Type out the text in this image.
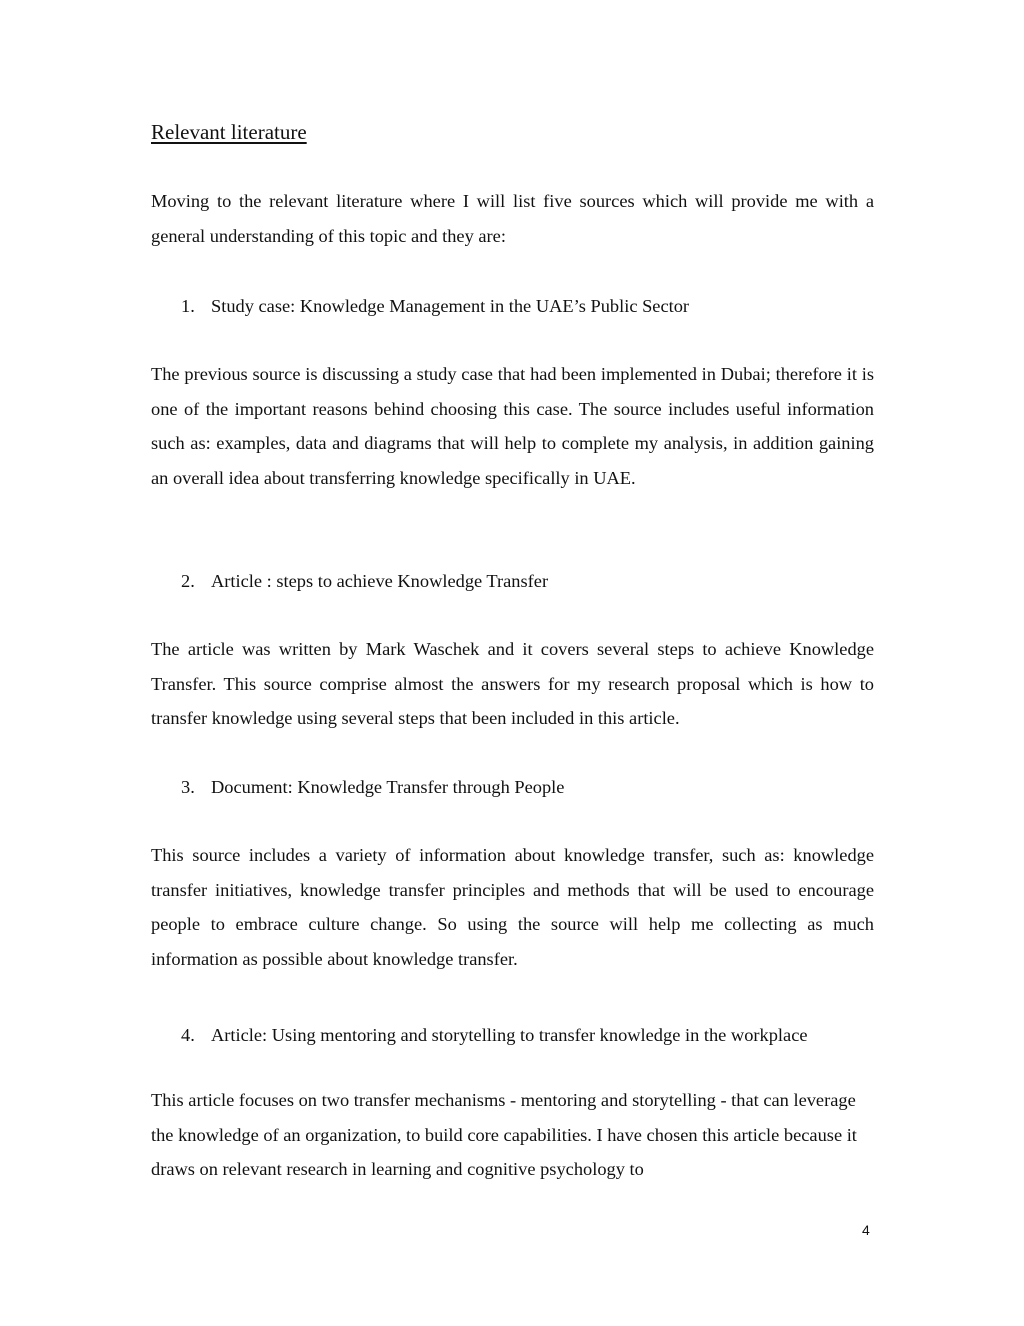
Relevant literature

Moving to the relevant literature where I will list five sources which will provide me with a general understanding of this topic and they are:

1. Study case: Knowledge Management in the UAE’s Public Sector

The previous source is discussing a study case that had been implemented in Dubai; therefore it is one of the important reasons behind choosing this case. The source includes useful information such as: examples, data and diagrams that will help to complete my analysis, in addition gaining an overall idea about transferring knowledge specifically in UAE.

2. Article : steps to achieve Knowledge Transfer

The article was written by Mark Waschek and it covers several steps to achieve Knowledge Transfer. This source comprise almost the answers for my research proposal which is how to transfer knowledge using several steps that been included in this article.

3. Document: Knowledge Transfer through People

This source includes a variety of information about knowledge transfer, such as: knowledge transfer initiatives, knowledge transfer principles and methods that will be used to encourage people to embrace culture change. So using the source will help me collecting as much information as possible about knowledge transfer.

4. Article: Using mentoring and storytelling to transfer knowledge in the workplace

This article focuses on two transfer mechanisms - mentoring and storytelling - that can leverage the knowledge of an organization, to build core capabilities. I have chosen this article because it draws on relevant research in learning and cognitive psychology to

4
